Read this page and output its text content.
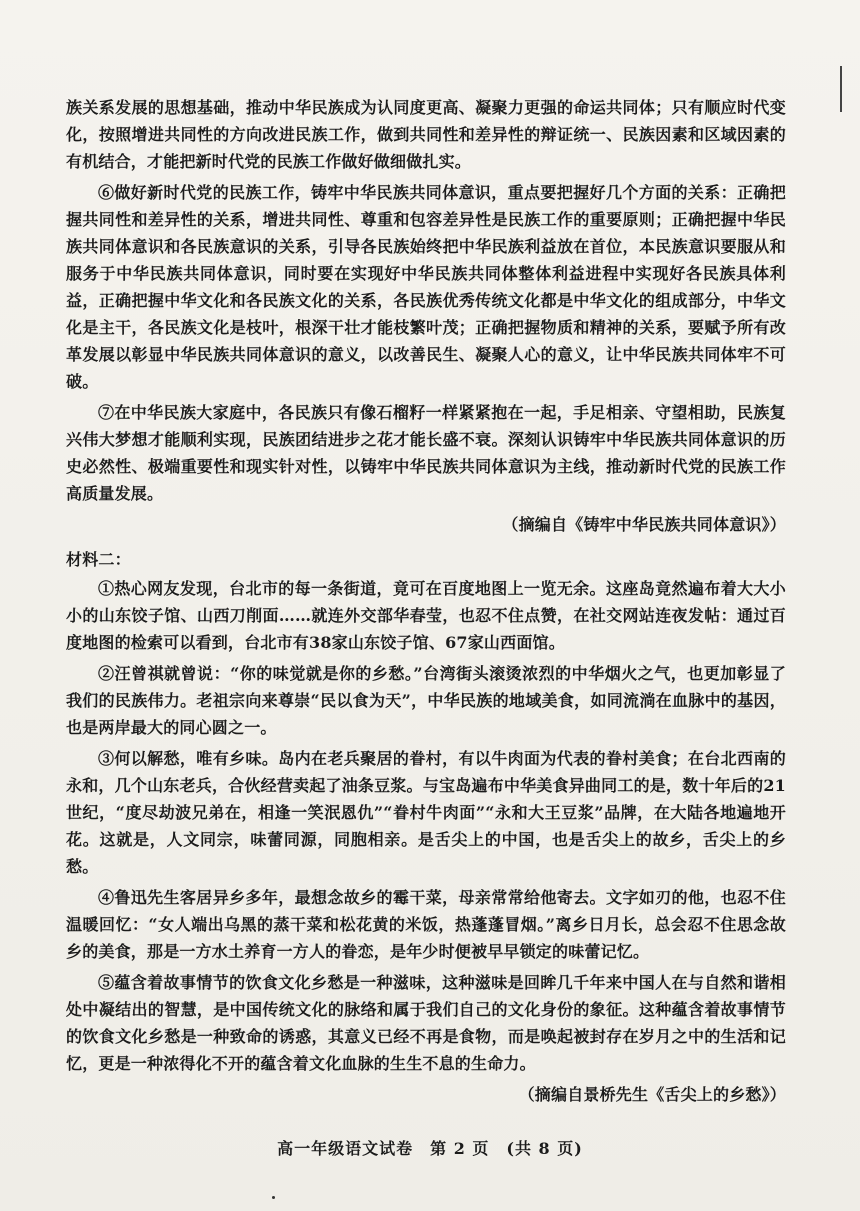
族关系发展的思想基础，推动中华民族成为认同度更高、凝聚力更强的命运共同体；只有顺应时代变化，按照增进共同性的方向改进民族工作，做到共同性和差异性的辩证统一、民族因素和区域因素的有机结合，才能把新时代党的民族工作做好做细做扎实。

⑥做好新时代党的民族工作，铸牢中华民族共同体意识，重点要把握好几个方面的关系：正确把握共同性和差异性的关系，增进共同性、尊重和包容差异性是民族工作的重要原则；正确把握中华民族共同体意识和各民族意识的关系，引导各民族始终把中华民族利益放在首位，本民族意识要服从和服务于中华民族共同体意识，同时要在实现好中华民族共同体整体利益进程中实现好各民族具体利益，正确把握中华文化和各民族文化的关系，各民族优秀传统文化都是中华文化的组成部分，中华文化是主干，各民族文化是枝叶，根深干壮才能枝繁叶茂；正确把握物质和精神的关系，要赋予所有改革发展以彰显中华民族共同体意识的意义，以改善民生、凝聚人心的意义，让中华民族共同体牢不可破。

⑦在中华民族大家庭中，各民族只有像石榴籽一样紧紧抱在一起，手足相亲、守望相助，民族复兴伟大梦想才能顺利实现，民族团结进步之花才能长盛不衰。深刻认识铸牢中华民族共同体意识的历史必然性、极端重要性和现实针对性，以铸牢中华民族共同体意识为主线，推动新时代党的民族工作高质量发展。

（摘编自《铸牢中华民族共同体意识》）

材料二：

①热心网友发现，台北市的每一条街道，竟可在百度地图上一览无余。这座岛竟然遍布着大大小小的山东饺子馆、山西刀削面……就连外交部华春莹，也忍不住点赞，在社交网站连夜发帖：通过百度地图的检索可以看到，台北市有38家山东饺子馆、67家山西面馆。

②汪曾祺就曾说：“你的味觉就是你的乡愁。”台湾街头滚烫浓烈的中华烟火之气，也更加彰显了我们的民族伟力。老祖宗向来尊崇“民以食为天”，中华民族的地域美食，如同流淌在血脉中的基因，也是两岸最大的同心圆之一。

③何以解愁，唯有乡味。岛内在老兵聚居的眷村，有以牛肉面为代表的眷村美食；在台北西南的永和，几个山东老兵，合伙经营卖起了油条豆浆。与宝岛遍布中华美食异曲同工的是，数十年后的21世纪，“度尽劫波兄弟在，相逢一笑泯恩仇”“眷村牛肉面”“永和大王豆浆”品牌，在大陆各地遍地开花。这就是，人文同宗，味蕾同源，同胞相亲。是舌尖上的中国，也是舌尖上的故乡，舌尖上的乡愁。

④鲁迅先生客居异乡多年，最想念故乡的霉干菜，母亲常常给他寄去。文字如刃的他，也忍不住温暖回忆：“女人端出乌黑的蒸干菜和松花黄的米饭，热蓬蓬冒烟。”离乡日月长，总会忍不住思念故乡的美食，那是一方水土养育一方人的眷恋，是年少时便被早早锁定的味蕾记忆。

⑤蕴含着故事情节的饮食文化乡愁是一种滋味，这种滋味是回眸几千年来中国人在与自然和谐相处中凝结出的智慧，是中国传统文化的脉络和属于我们自己的文化身份的象征。这种蕴含着故事情节的饮食文化乡愁是一种致命的诱惑，其意义已经不再是食物，而是唤起被封存在岁月之中的生活和记忆，更是一种浓得化不开的蕴含着文化血脉的生生不息的生命力。

（摘编自景桥先生《舌尖上的乡愁》）

高一年级语文试卷　第 2 页　(共 8 页)
